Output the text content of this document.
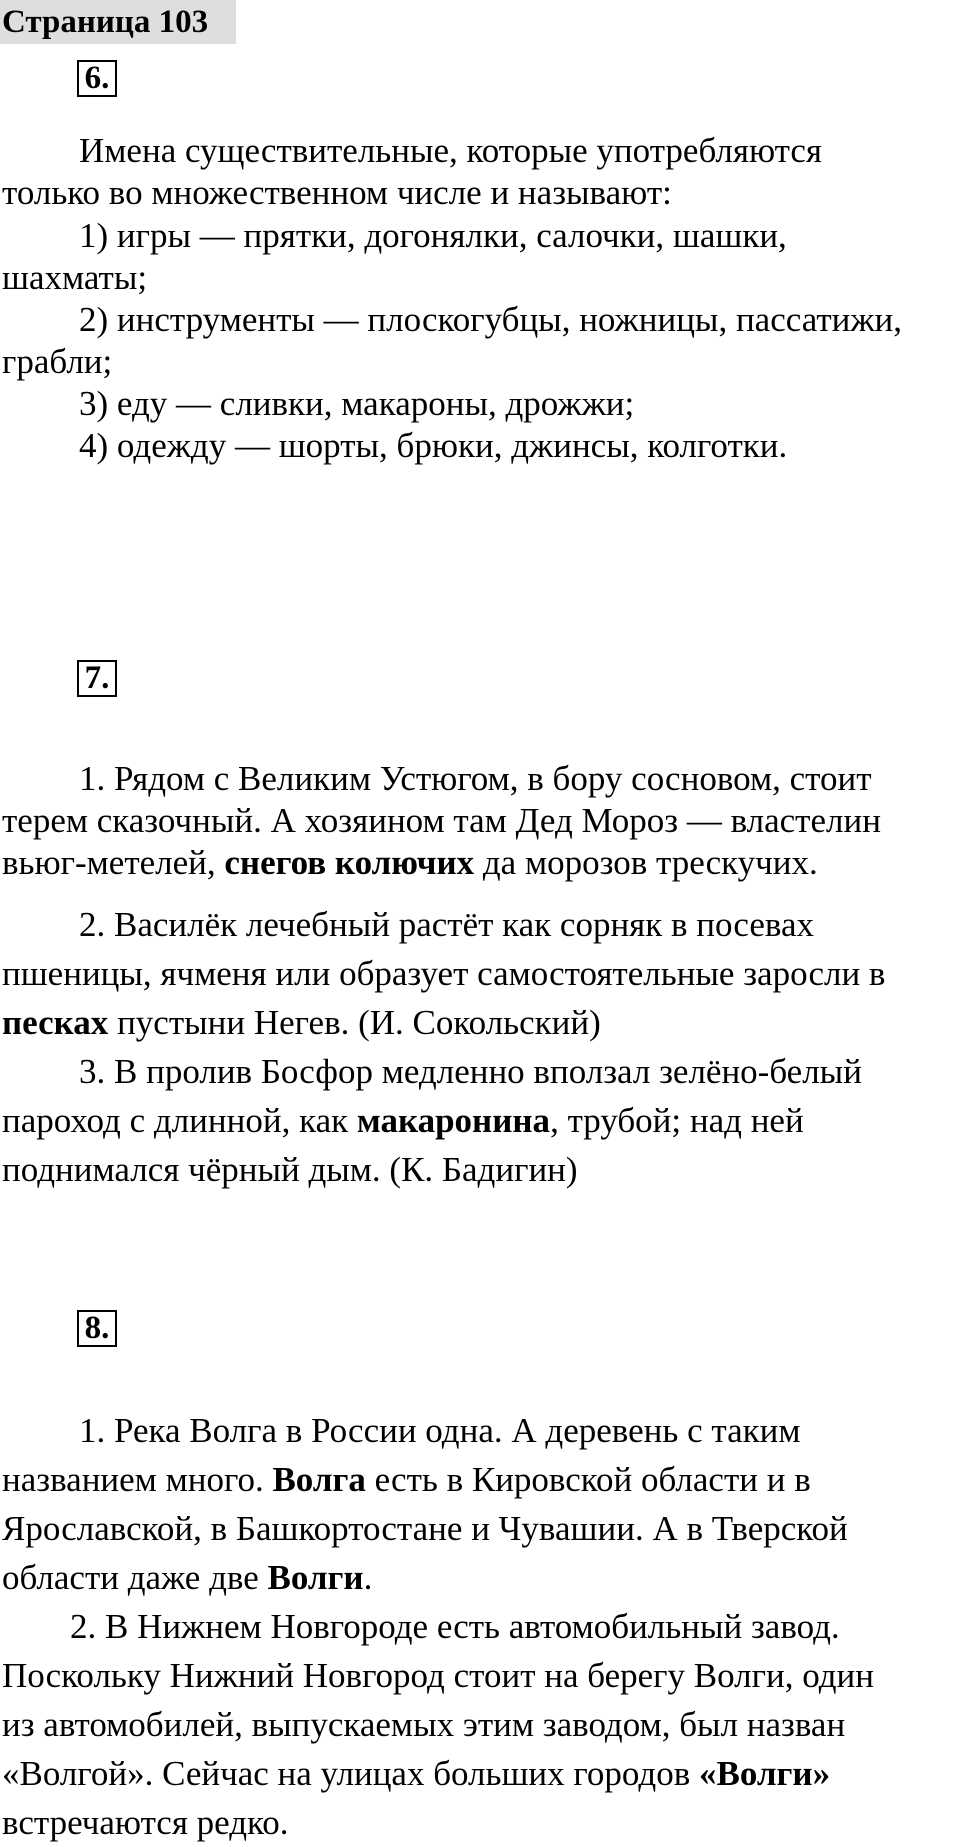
Страница 103
6.
Имена существительные, которые употребляются
только во множественном числе и называют:
1) игры — прятки, догонялки, салочки, шашки,
шахматы;
2) инструменты — плоскогубцы, ножницы, пассатижи,
грабли;
3) еду — сливки, макароны, дрожжи;
4) одежду — шорты, брюки, джинсы, колготки.
7.
1. Рядом с Великим Устюгом, в бору сосновом, стоит
терем сказочный. А хозяином там Дед Мороз — властелин
вьюг-метелей, снегов колючих да морозов трескучих.
2. Василёк лечебный растёт как сорняк в посевах
пшеницы, ячменя или образует самостоятельные заросли в
песках пустыни Негев. (И. Сокольский)
3. В пролив Босфор медленно вползал зелёно-белый
пароход с длинной, как макаронина, трубой; над ней
поднимался чёрный дым. (К. Бадигин)
8.
1. Река Волга в России одна. А деревень с таким
названием много. Волга есть в Кировской области и в
Ярославской, в Башкортостане и Чувашии. А в Тверской
области даже две Волги.
2. В Нижнем Новгороде есть автомобильный завод.
Поскольку Нижний Новгород стоит на берегу Волги, один
из автомобилей, выпускаемых этим заводом, был назван
«Волгой». Сейчас на улицах больших городов «Волги»
встречаются редко.
